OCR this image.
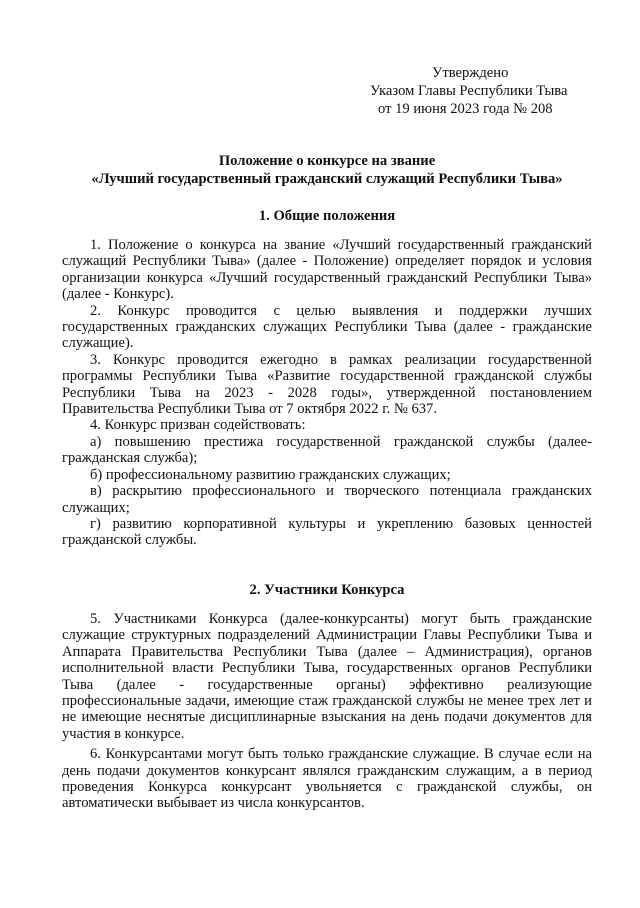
Утверждено
Указом Главы Республики Тыва
от 19 июня 2023 года № 208
Положение о конкурсе на звание
«Лучший государственный гражданский служащий Республики Тыва»
1. Общие положения

1. Положение о конкурса на звание «Лучший государственный гражданский служащий Республики Тыва» (далее - Положение) определяет порядок и условия организации конкурса «Лучший государственный гражданский Республики Тыва» (далее - Конкурс).

2. Конкурс проводится с целью выявления и поддержки лучших государственных гражданских служащих Республики Тыва (далее - гражданские служащие).

3. Конкурс проводится ежегодно в рамках реализации государственной программы Республики Тыва «Развитие государственной гражданской службы Республики Тыва на 2023 - 2028 годы», утвержденной постановлением Правительства Республики Тыва от 7 октября 2022 г. № 637.

4. Конкурс призван содействовать:

а) повышению престижа государственной гражданской службы (далее-гражданская служба);

б) профессиональному развитию гражданских служащих;

в) раскрытию профессионального и творческого потенциала гражданских служащих;

г) развитию корпоративной культуры и укреплению базовых ценностей гражданской службы.

2. Участники Конкурса

5. Участниками Конкурса (далее-конкурсанты) могут быть гражданские служащие структурных подразделений Администрации Главы Республики Тыва и Аппарата Правительства Республики Тыва (далее – Администрация), органов исполнительной власти Республики Тыва, государственных органов Республики Тыва (далее - государственные органы) эффективно реализующие профессиональные задачи, имеющие стаж гражданской службы не менее трех лет и не имеющие неснятые дисциплинарные взыскания на день подачи документов для участия в конкурсе.

6. Конкурсантами могут быть только гражданские служащие. В случае если на день подачи документов конкурсант являлся гражданским служащим, а в период проведения Конкурса конкурсант увольняется с гражданской службы, он автоматически выбывает из числа конкурсантов.
